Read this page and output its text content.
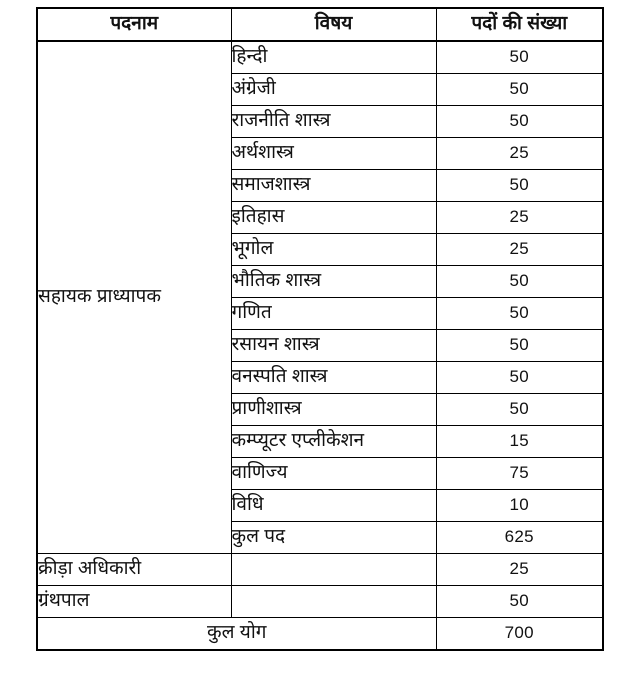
पदनाम	विषय	पदों की संख्या
सहायक प्राध्यापक	हिन्दी	50
	अंग्रेजी	50
	राजनीति शास्त्र	50
	अर्थशास्त्र	25
	समाजशास्त्र	50
	इतिहास	25
	भूगोल	25
	भौतिक शास्त्र	50
	गणित	50
	रसायन शास्त्र	50
	वनस्पति शास्त्र	50
	प्राणीशास्त्र	50
	कम्प्यूटर एप्लीकेशन	15
	वाणिज्य	75
	विधि	10
	कुल पद	625
क्रीड़ा अधिकारी		25
ग्रंथपाल		50
कुल योग		700
